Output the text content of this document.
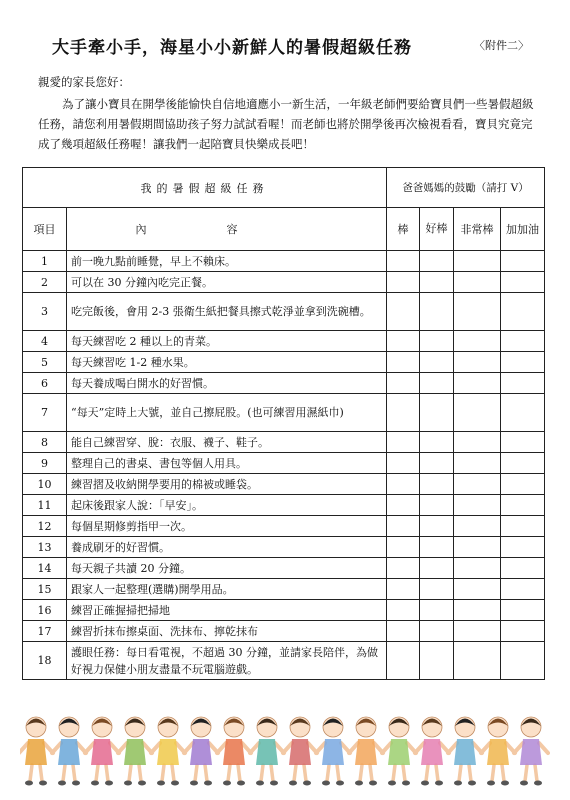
大手牽小手，海星小小新鮮人的暑假超級任務	〈附件二〉
親愛的家長您好：

為了讓小寶貝在開學後能愉快自信地適應小一新生活，一年級老師們要給寶貝們一些暑假超級任務，請您利用暑假期間協助孩子努力試試看喔！而老師也將於開學後再次檢視看看，寶貝究竟完成了幾項超級任務喔！讓我們一起陪寶貝快樂成長吧！

我的暑假超級任務		爸爸媽媽的鼓勵（請打 V）			
項目	內容	棒	好棒	非常棒	加加油
1	前一晚九點前睡覺，早上不賴床。				
2	可以在 30 分鐘內吃完正餐。				
3	吃完飯後，會用 2-3 張衛生紙把餐具擦式乾淨並拿到洗碗槽。				
4	每天練習吃 2 種以上的青菜。				
5	每天練習吃 1-2 種水果。				
6	每天養成喝白開水的好習慣。				
7	“每天”定時上大號，並自己擦屁股。(也可練習用濕紙巾)				
8	能自己練習穿、脫：衣服、襪子、鞋子。				
9	整理自己的書桌、書包等個人用具。				
10	練習摺及收納開學要用的棉被或睡袋。				
11	起床後跟家人說：「早安」。				
12	每個星期修剪指甲一次。				
13	養成刷牙的好習慣。				
14	每天親子共讀 20 分鐘。				
15	跟家人一起整理(選購)開學用品。				
16	練習正確握掃把掃地				
17	練習折抹布擦桌面、洗抹布、擰乾抹布				
18	護眼任務：每日看電視，不超過 30 分鐘，並請家長陪伴，為做好視力保健小朋友盡量不玩電腦遊戲。				
